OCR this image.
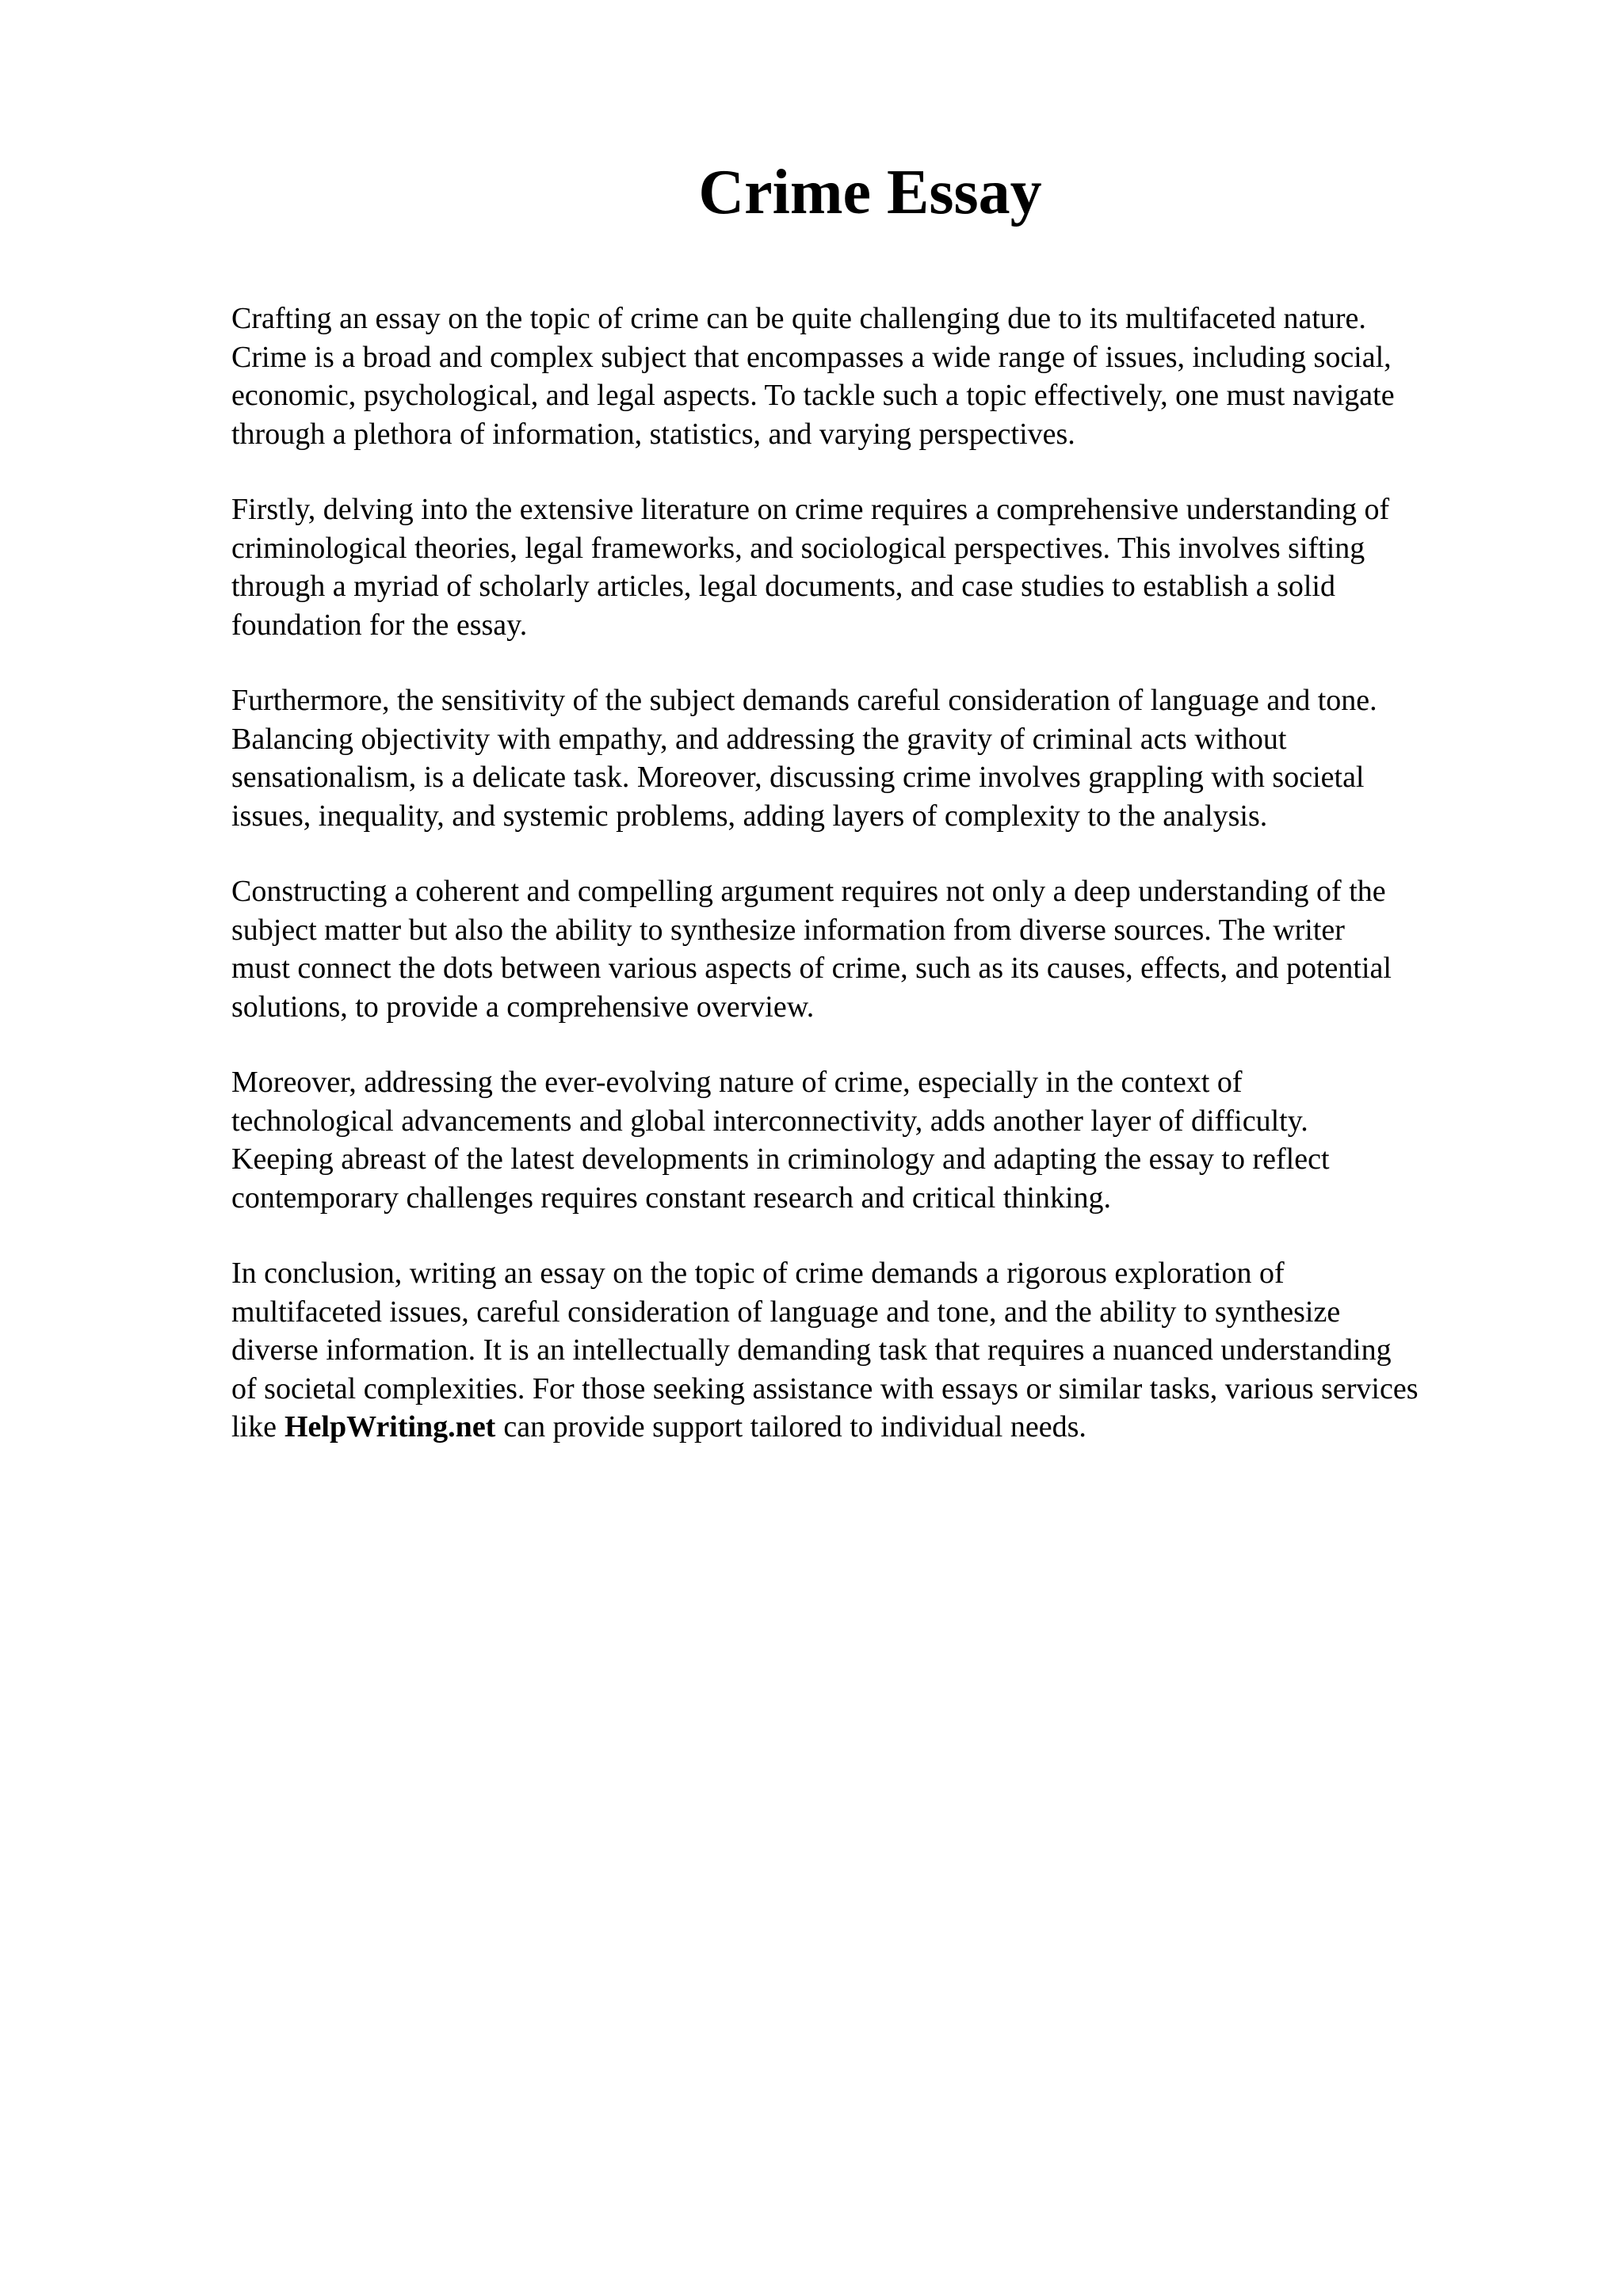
Crime Essay

Crafting an essay on the topic of crime can be quite challenging due to its multifaceted nature.
Crime is a broad and complex subject that encompasses a wide range of issues, including social,
economic, psychological, and legal aspects. To tackle such a topic effectively, one must navigate
through a plethora of information, statistics, and varying perspectives.

Firstly, delving into the extensive literature on crime requires a comprehensive understanding of
criminological theories, legal frameworks, and sociological perspectives. This involves sifting
through a myriad of scholarly articles, legal documents, and case studies to establish a solid
foundation for the essay.

Furthermore, the sensitivity of the subject demands careful consideration of language and tone.
Balancing objectivity with empathy, and addressing the gravity of criminal acts without
sensationalism, is a delicate task. Moreover, discussing crime involves grappling with societal
issues, inequality, and systemic problems, adding layers of complexity to the analysis.

Constructing a coherent and compelling argument requires not only a deep understanding of the
subject matter but also the ability to synthesize information from diverse sources. The writer
must connect the dots between various aspects of crime, such as its causes, effects, and potential
solutions, to provide a comprehensive overview.

Moreover, addressing the ever-evolving nature of crime, especially in the context of
technological advancements and global interconnectivity, adds another layer of difficulty.
Keeping abreast of the latest developments in criminology and adapting the essay to reflect
contemporary challenges requires constant research and critical thinking.

In conclusion, writing an essay on the topic of crime demands a rigorous exploration of
multifaceted issues, careful consideration of language and tone, and the ability to synthesize
diverse information. It is an intellectually demanding task that requires a nuanced understanding
of societal complexities. For those seeking assistance with essays or similar tasks, various services
like HelpWriting.net can provide support tailored to individual needs.
